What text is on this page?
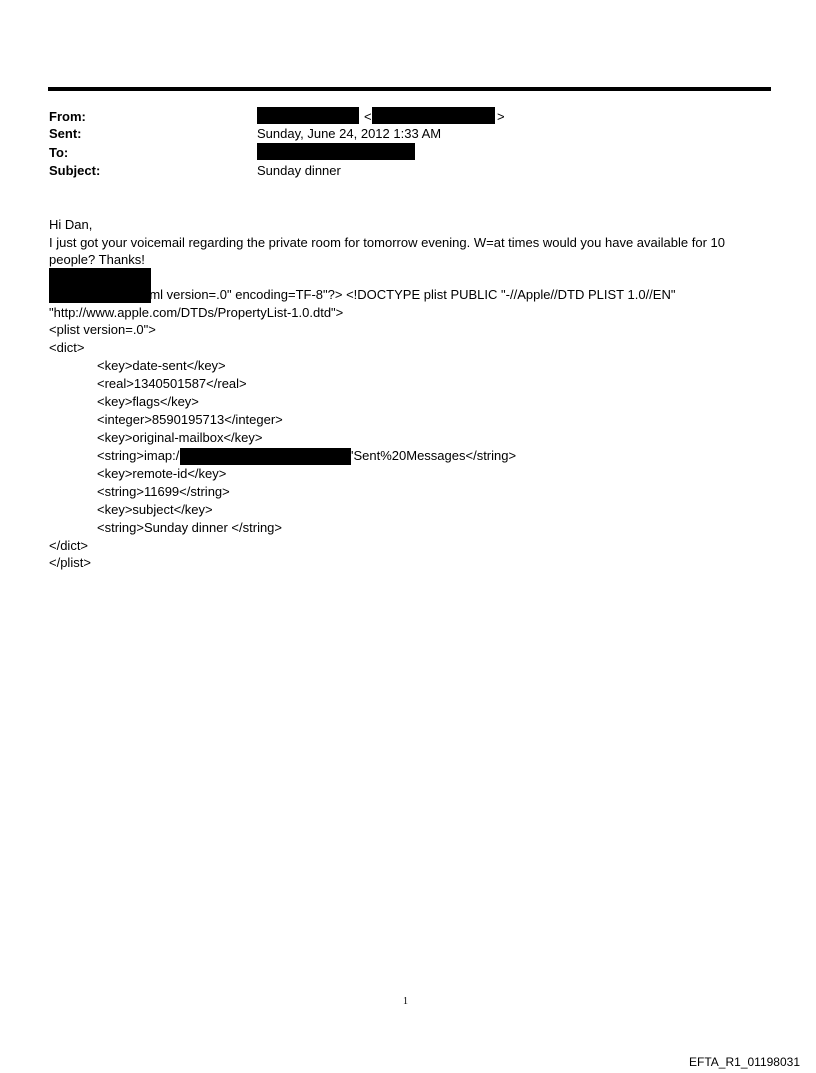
From:	<	>
Sent:	Sunday, June 24, 2012 1:33 AM
To:
Subject:	Sunday dinner
Hi Dan,
I just got your voicemail regarding the private room for tomorrow evening. W=at times would you have available for 10
people? Thanks!
=?xml version=.0" encoding=TF-8"?> <!DOCTYPE plist PUBLIC "-//Apple//DTD PLIST 1.0//EN"
"http://www.apple.com/DTDs/PropertyList-1.0.dtd">
<plist version=.0">
<dict>
<key>date-sent</key>
<real>1340501587</real>
<key>flags</key>
<integer>8590195713</integer>
<key>original-mailbox</key>
<string>imap:/	'Sent%20Messages</string>
<key>remote-id</key>
<string>11699</string>
<key>subject</key>
<string>Sunday dinner </string>
</dict>
</plist>
1
EFTA_R1_01198031
